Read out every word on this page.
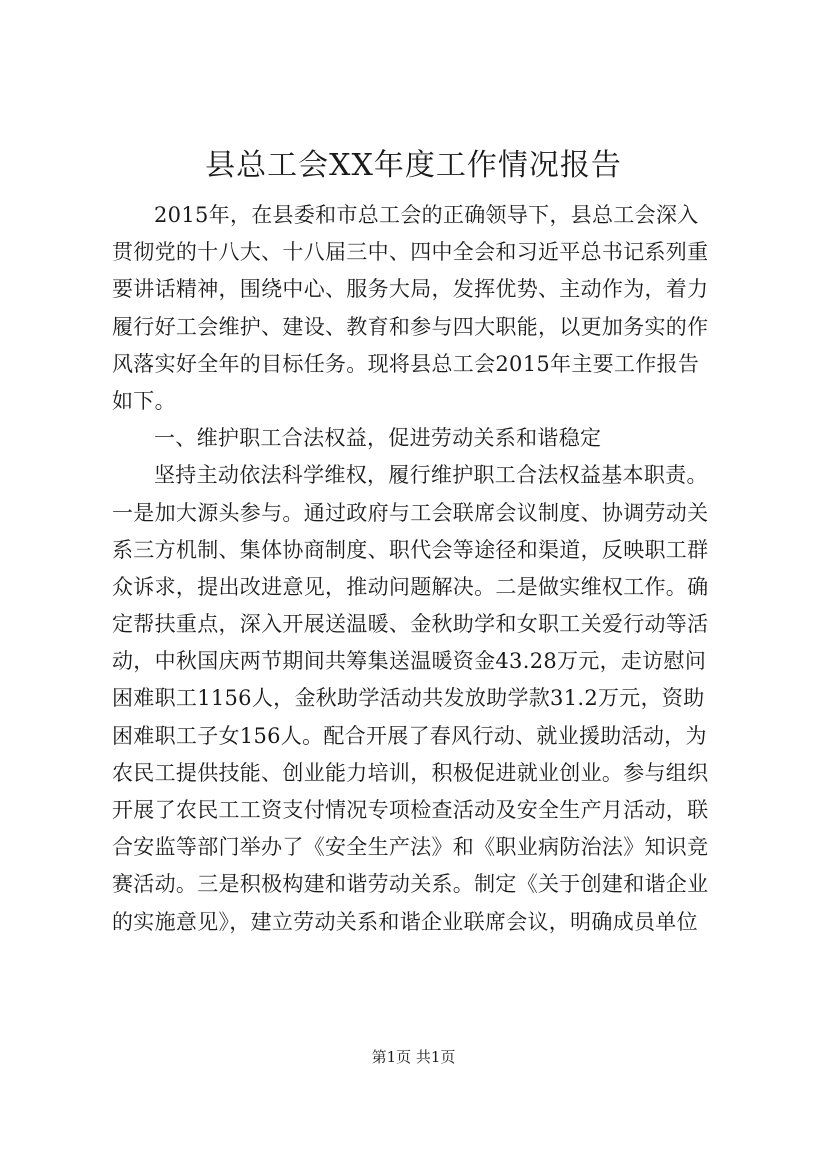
县总工会XX年度工作情况报告
2015年，在县委和市总工会的正确领导下，县总工会深入
贯彻党的十八大、十八届三中、四中全会和习近平总书记系列重
要讲话精神，围绕中心、服务大局，发挥优势、主动作为，着力
履行好工会维护、建设、教育和参与四大职能，以更加务实的作
风落实好全年的目标任务。现将县总工会2015年主要工作报告
如下。
一、维护职工合法权益，促进劳动关系和谐稳定
坚持主动依法科学维权，履行维护职工合法权益基本职责。
一是加大源头参与。通过政府与工会联席会议制度、协调劳动关
系三方机制、集体协商制度、职代会等途径和渠道，反映职工群
众诉求，提出改进意见，推动问题解决。二是做实维权工作。确
定帮扶重点，深入开展送温暖、金秋助学和女职工关爱行动等活
动，中秋国庆两节期间共筹集送温暖资金43.28万元，走访慰问
困难职工1156人，金秋助学活动共发放助学款31.2万元，资助
困难职工子女156人。配合开展了春风行动、就业援助活动，为
农民工提供技能、创业能力培训，积极促进就业创业。参与组织
开展了农民工工资支付情况专项检查活动及安全生产月活动，联
合安监等部门举办了《安全生产法》和《职业病防治法》知识竞
赛活动。三是积极构建和谐劳动关系。制定《关于创建和谐企业
的实施意见》，建立劳动关系和谐企业联席会议，明确成员单位
第1页 共1页
